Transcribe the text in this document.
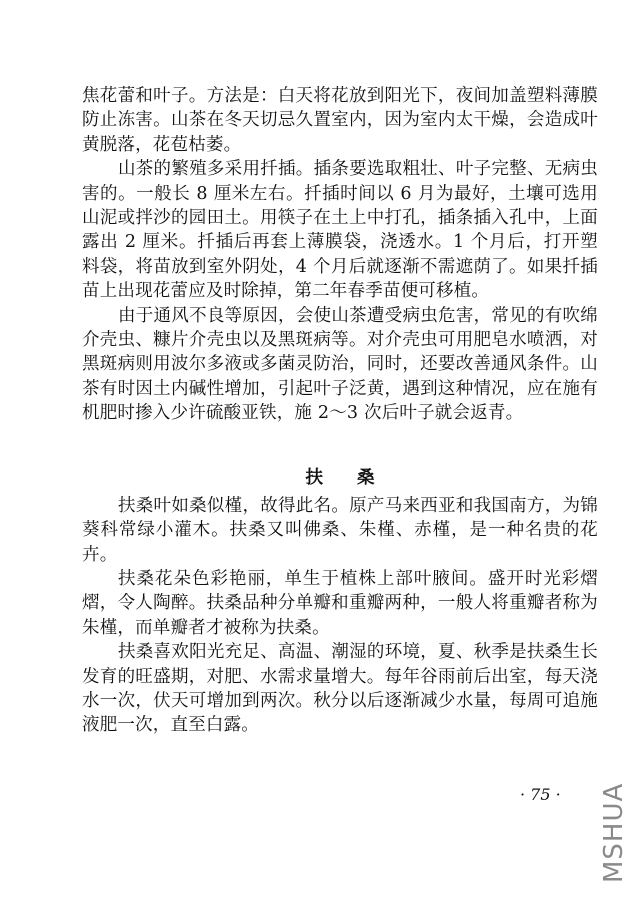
焦花蕾和叶子。方法是：白天将花放到阳光下，夜间加盖塑料薄膜防止冻害。山茶在冬天切忌久置室内，因为室内太干燥，会造成叶黄脱落，花苞枯萎。

山茶的繁殖多采用扦插。插条要选取粗壮、叶子完整、无病虫害的。一般长 8 厘米左右。扦插时间以 6 月为最好，土壤可选用山泥或拌沙的园田土。用筷子在土上中打孔，插条插入孔中，上面露出 2 厘米。扦插后再套上薄膜袋，浇透水。1 个月后，打开塑料袋，将苗放到室外阴处，4 个月后就逐渐不需遮荫了。如果扦插苗上出现花蕾应及时除掉，第二年春季苗便可移植。

由于通风不良等原因，会使山茶遭受病虫危害，常见的有吹绵介壳虫、糠片介壳虫以及黑斑病等。对介壳虫可用肥皂水喷洒，对黑斑病则用波尔多液或多菌灵防治，同时，还要改善通风条件。山茶有时因土内碱性增加，引起叶子泛黄，遇到这种情况，应在施有机肥时掺入少许硫酸亚铁，施 2～3 次后叶子就会返青。

扶 桑

扶桑叶如桑似槿，故得此名。原产马来西亚和我国南方，为锦葵科常绿小灌木。扶桑又叫佛桑、朱槿、赤槿，是一种名贵的花卉。

扶桑花朵色彩艳丽，单生于植株上部叶腋间。盛开时光彩熠熠，令人陶醉。扶桑品种分单瓣和重瓣两种，一般人将重瓣者称为朱槿，而单瓣者才被称为扶桑。

扶桑喜欢阳光充足、高温、潮湿的环境，夏、秋季是扶桑生长发育的旺盛期，对肥、水需求量增大。每年谷雨前后出室，每天浇水一次，伏天可增加到两次。秋分以后逐渐减少水量，每周可追施液肥一次，直至白露。

· 75 · MSHUA
